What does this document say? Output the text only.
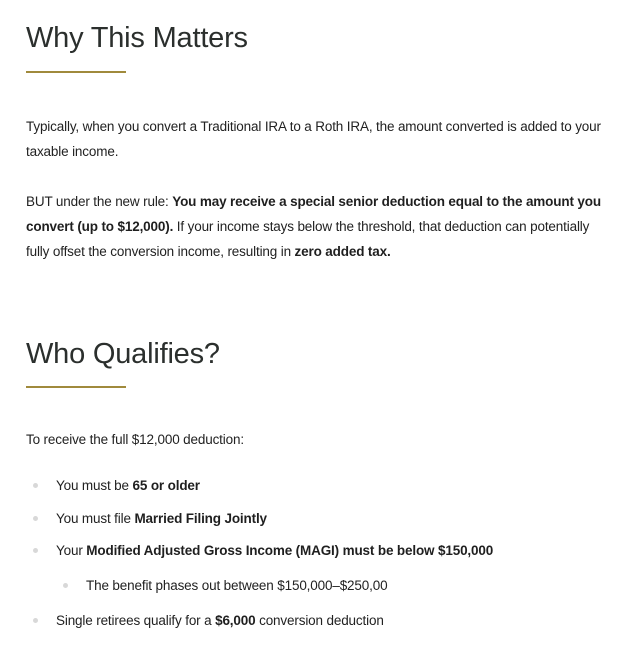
Why This Matters

Typically, when you convert a Traditional IRA to a Roth IRA, the amount converted is added to your taxable income.

BUT under the new rule: You may receive a special senior deduction equal to the amount you convert (up to $12,000). If your income stays below the threshold, that deduction can potentially fully offset the conversion income, resulting in zero added tax.

Who Qualifies?

To receive the full $12,000 deduction:

You must be 65 or older
You must file Married Filing Jointly
Your Modified Adjusted Gross Income (MAGI) must be below $150,000
The benefit phases out between $150,000–$250,00
Single retirees qualify for a $6,000 conversion deduction
